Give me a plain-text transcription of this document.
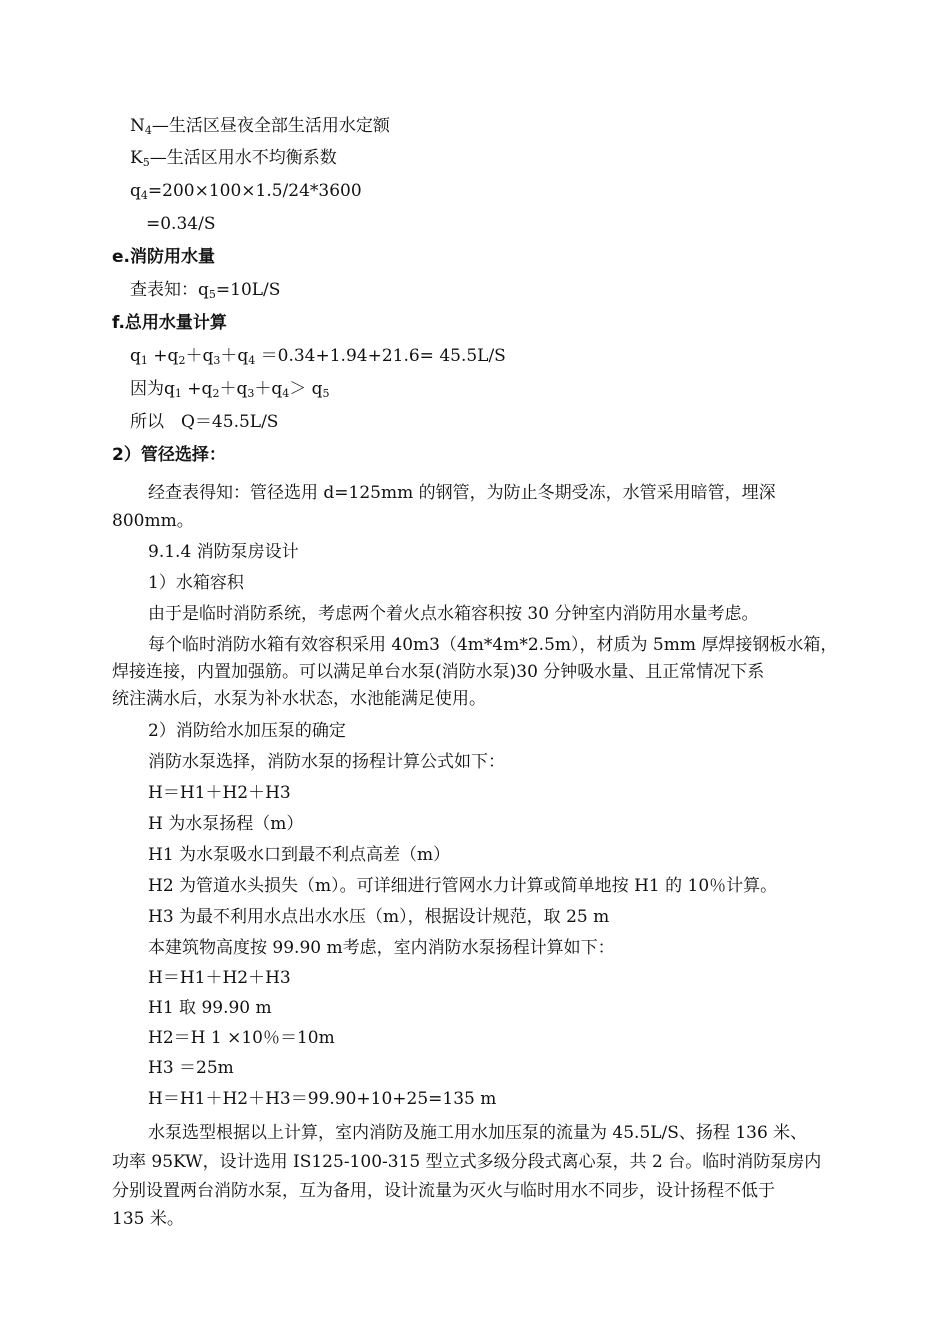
$N_4—$生活区昼夜全部生活用水定额
$K_5—$生活区用水不均衡系数
$q_4=200\times 100\times 1.5/24*3600$
=0.34/S
e.消防用水量
查表知：$q_5=10L/S$
f.总用水量计算
$q_1 +q_2+q_3+q_4 =0.34+1.94+21.6= 45.5L/S$
因为$q_1 +q_2+q_3+q_4> q_5$
所以　Q＝45.5L/S
2）管径选择：
经查表得知：管径选用 d=125mm 的钢管，为防止冬期受冻，水管采用暗管，埋深
800mm。
9.1.4 消防泵房设计
1）水箱容积
由于是临时消防系统，考虑两个着火点水箱容积按 30 分钟室内消防用水量考虑。
每个临时消防水箱有效容积采用 40m3（4m*4m*2.5m），材质为 5mm 厚焊接钢板水箱，
焊接连接，内置加强筋。可以满足单台水泵(消防水泵)30 分钟吸水量、且正常情况下系
统注满水后，水泵为补水状态，水池能满足使用。
2）消防给水加压泵的确定
消防水泵选择，消防水泵的扬程计算公式如下：
H＝H1＋H2＋H3
H 为水泵扬程（m）
H1 为水泵吸水口到最不利点高差（m）
H2 为管道水头损失（m）。可详细进行管网水力计算或简单地按 H1 的 10％计算。
H3 为最不利用水点出水水压（m），根据设计规范，取 25 m
本建筑物高度按 99.90 m考虑，室内消防水泵扬程计算如下：
H＝H1＋H2＋H3
H1 取 99.90 m
H2＝H 1 ×10％＝10m
H3 ＝25m
H＝H1＋H2＋H3＝99.90+10+25=135 m
水泵选型根据以上计算，室内消防及施工用水加压泵的流量为 45.5L/S、扬程 136 米、
功率 95KW，设计选用 IS125-100-315 型立式多级分段式离心泵，共 2 台。临时消防泵房内
分别设置两台消防水泵，互为备用，设计流量为灭火与临时用水不同步，设计扬程不低于
135 米。
